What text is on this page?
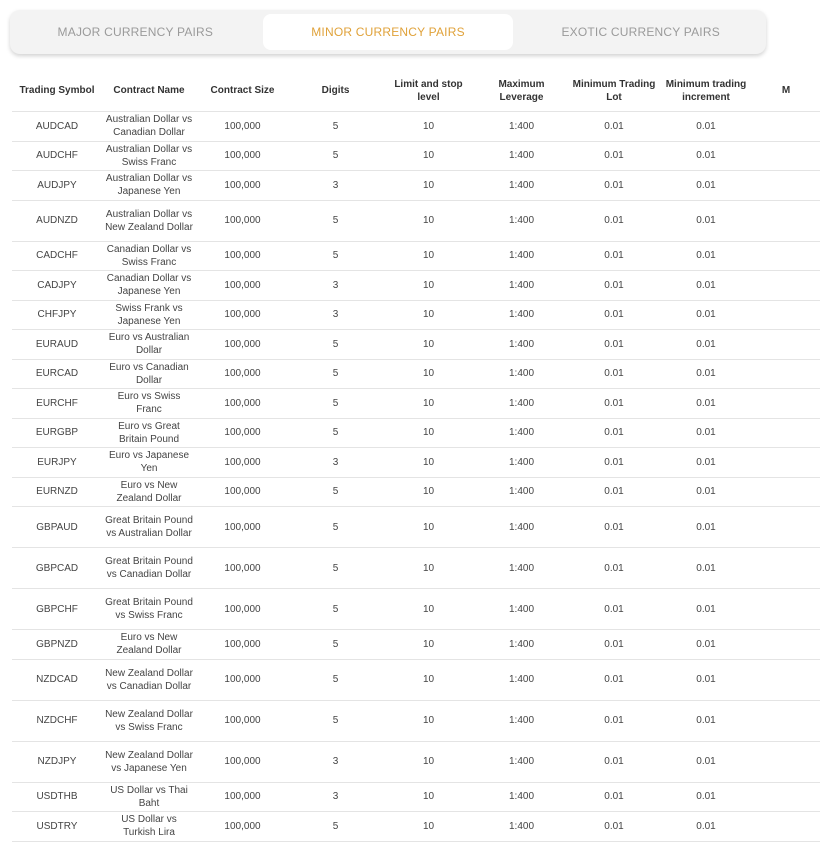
MAJOR CURRENCY PAIRS	MINOR CURRENCY PAIRS	EXOTIC CURRENCY PAIRS
Trading Symbol	Contract Name	Contract Size	Digits	Limit and stop level	Maximum Leverage	Minimum Trading Lot	Minimum trading increment	M
AUDCAD	Australian Dollar vs Canadian Dollar	100,000	5	10	1:400	0.01	0.01	
AUDCHF	Australian Dollar vs Swiss Franc	100,000	5	10	1:400	0.01	0.01	
AUDJPY	Australian Dollar vs Japanese Yen	100,000	3	10	1:400	0.01	0.01	
AUDNZD	Australian Dollar vs New Zealand Dollar	100,000	5	10	1:400	0.01	0.01	
CADCHF	Canadian Dollar vs Swiss Franc	100,000	5	10	1:400	0.01	0.01	
CADJPY	Canadian Dollar vs Japanese Yen	100,000	3	10	1:400	0.01	0.01	
CHFJPY	Swiss Frank vs Japanese Yen	100,000	3	10	1:400	0.01	0.01	
EURAUD	Euro vs Australian Dollar	100,000	5	10	1:400	0.01	0.01	
EURCAD	Euro vs Canadian Dollar	100,000	5	10	1:400	0.01	0.01	
EURCHF	Euro vs Swiss Franc	100,000	5	10	1:400	0.01	0.01	
EURGBP	Euro vs Great Britain Pound	100,000	5	10	1:400	0.01	0.01	
EURJPY	Euro vs Japanese Yen	100,000	3	10	1:400	0.01	0.01	
EURNZD	Euro vs New Zealand Dollar	100,000	5	10	1:400	0.01	0.01	
GBPAUD	Great Britain Pound vs Australian Dollar	100,000	5	10	1:400	0.01	0.01	
GBPCAD	Great Britain Pound vs Canadian Dollar	100,000	5	10	1:400	0.01	0.01	
GBPCHF	Great Britain Pound vs Swiss Franc	100,000	5	10	1:400	0.01	0.01	
GBPNZD	Euro vs New Zealand Dollar	100,000	5	10	1:400	0.01	0.01	
NZDCAD	New Zealand Dollar vs Canadian Dollar	100,000	5	10	1:400	0.01	0.01	
NZDCHF	New Zealand Dollar vs Swiss Franc	100,000	5	10	1:400	0.01	0.01	
NZDJPY	New Zealand Dollar vs Japanese Yen	100,000	3	10	1:400	0.01	0.01	
USDTHB	US Dollar vs Thai Baht	100,000	3	10	1:400	0.01	0.01	
USDTRY	US Dollar vs Turkish Lira	100,000	5	10	1:400	0.01	0.01	
